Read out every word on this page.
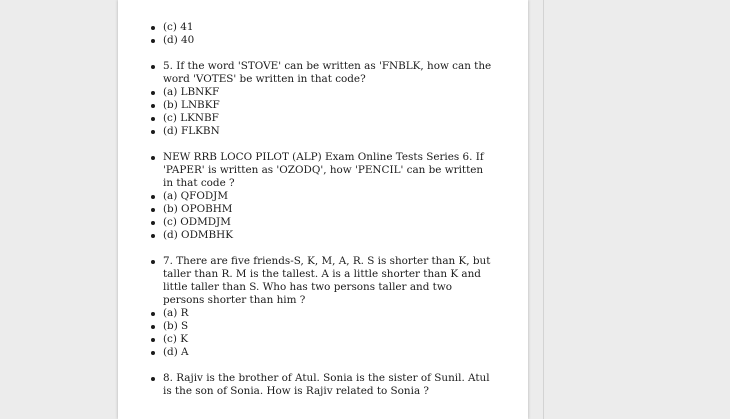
(c) 41
(d) 40
5. If the word 'STOVE' can be written as 'FNBLK, how can the word 'VOTES' be written in that code?
(a) LBNKF
(b) LNBKF
(c) LKNBF
(d) FLKBN
NEW RRB LOCO PILOT (ALP) Exam Online Tests Series 6. If 'PAPER' is written as 'OZODQ', how 'PENCIL' can be written in that code ?
(a) QFODJM
(b) OPOBHM
(c) ODMDJM
(d) ODMBHK
7. There are five friends-S, K, M, A, R. S is shorter than K, but taller than R. M is the tallest. A is a little shorter than K and little taller than S. Who has two persons taller and two persons shorter than him ?
(a) R
(b) S
(c) K
(d) A
8. Rajiv is the brother of Atul. Sonia is the sister of Sunil. Atul is the son of Sonia. How is Rajiv related to Sonia ?
